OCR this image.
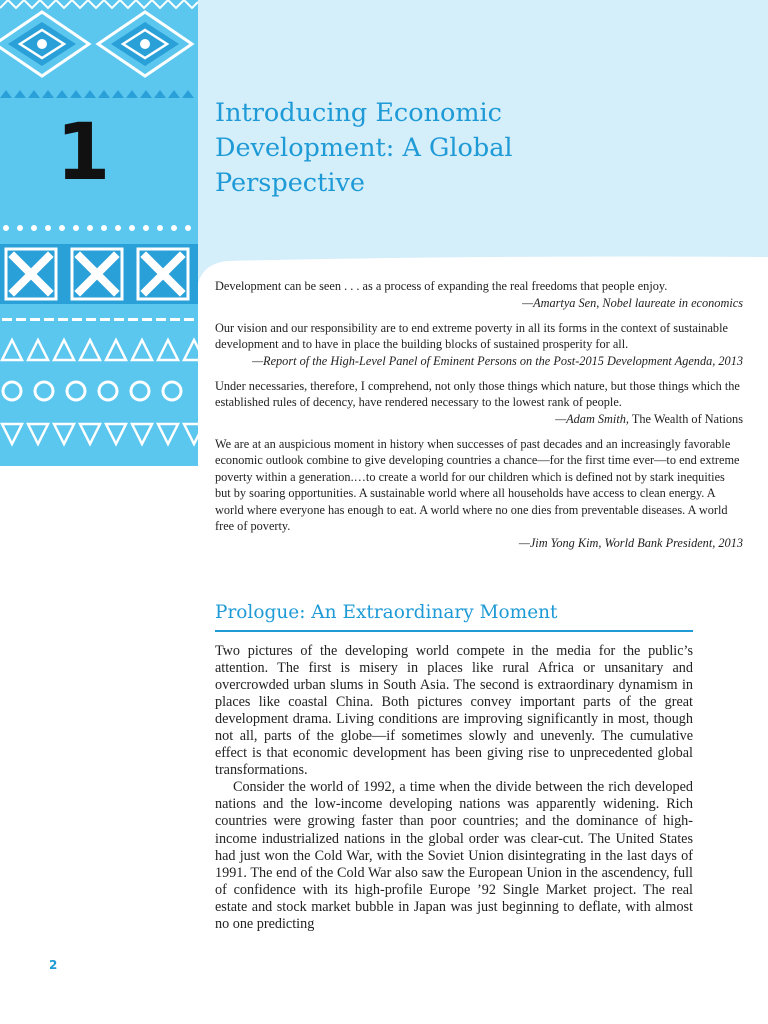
1	Introducing Economic
Development: A Global
Perspective

Development can be seen . . . as a process of expanding the real freedoms that people enjoy.

—Amartya Sen, Nobel laureate in economics

Our vision and our responsibility are to end extreme poverty in all its forms in the context of sustainable development and to have in place the building blocks of sustained prosperity for all.

—Report of the High-Level Panel of Eminent Persons on the Post-2015 Development Agenda, 2013

Under necessaries, therefore, I comprehend, not only those things which nature, but those things which the established rules of decency, have rendered necessary to the lowest rank of people.

—Adam Smith, The Wealth of Nations

We are at an auspicious moment in history when successes of past decades and an increasingly favorable economic outlook combine to give developing countries a chance—for the first time ever—to end extreme poverty within a generation.…to create a world for our children which is defined not by stark inequities but by soaring opportunities. A sustainable world where all households have access to clean energy. A world where everyone has enough to eat. A world where no one dies from preventable diseases. A world free of poverty.

—Jim Yong Kim, World Bank President, 2013

Prologue: An Extraordinary Moment

Two pictures of the developing world compete in the media for the public’s attention. The first is misery in places like rural Africa or unsanitary and overcrowded urban slums in South Asia. The second is extraordinary dynamism in places like coastal China. Both pictures convey important parts of the great development drama. Living conditions are improving significantly in most, though not all, parts of the globe—if sometimes slowly and unevenly. The cumulative effect is that economic development has been giving rise to unprecedented global transformations.

Consider the world of 1992, a time when the divide between the rich developed nations and the low-income developing nations was apparently widening. Rich countries were growing faster than poor countries; and the dominance of high-income industrialized nations in the global order was clear-cut. The United States had just won the Cold War, with the Soviet Union disintegrating in the last days of 1991. The end of the Cold War also saw the European Union in the ascendency, full of confidence with its high-profile Europe ’92 Single Market project. The real estate and stock market bubble in Japan was just beginning to deflate, with almost no one predicting

2
